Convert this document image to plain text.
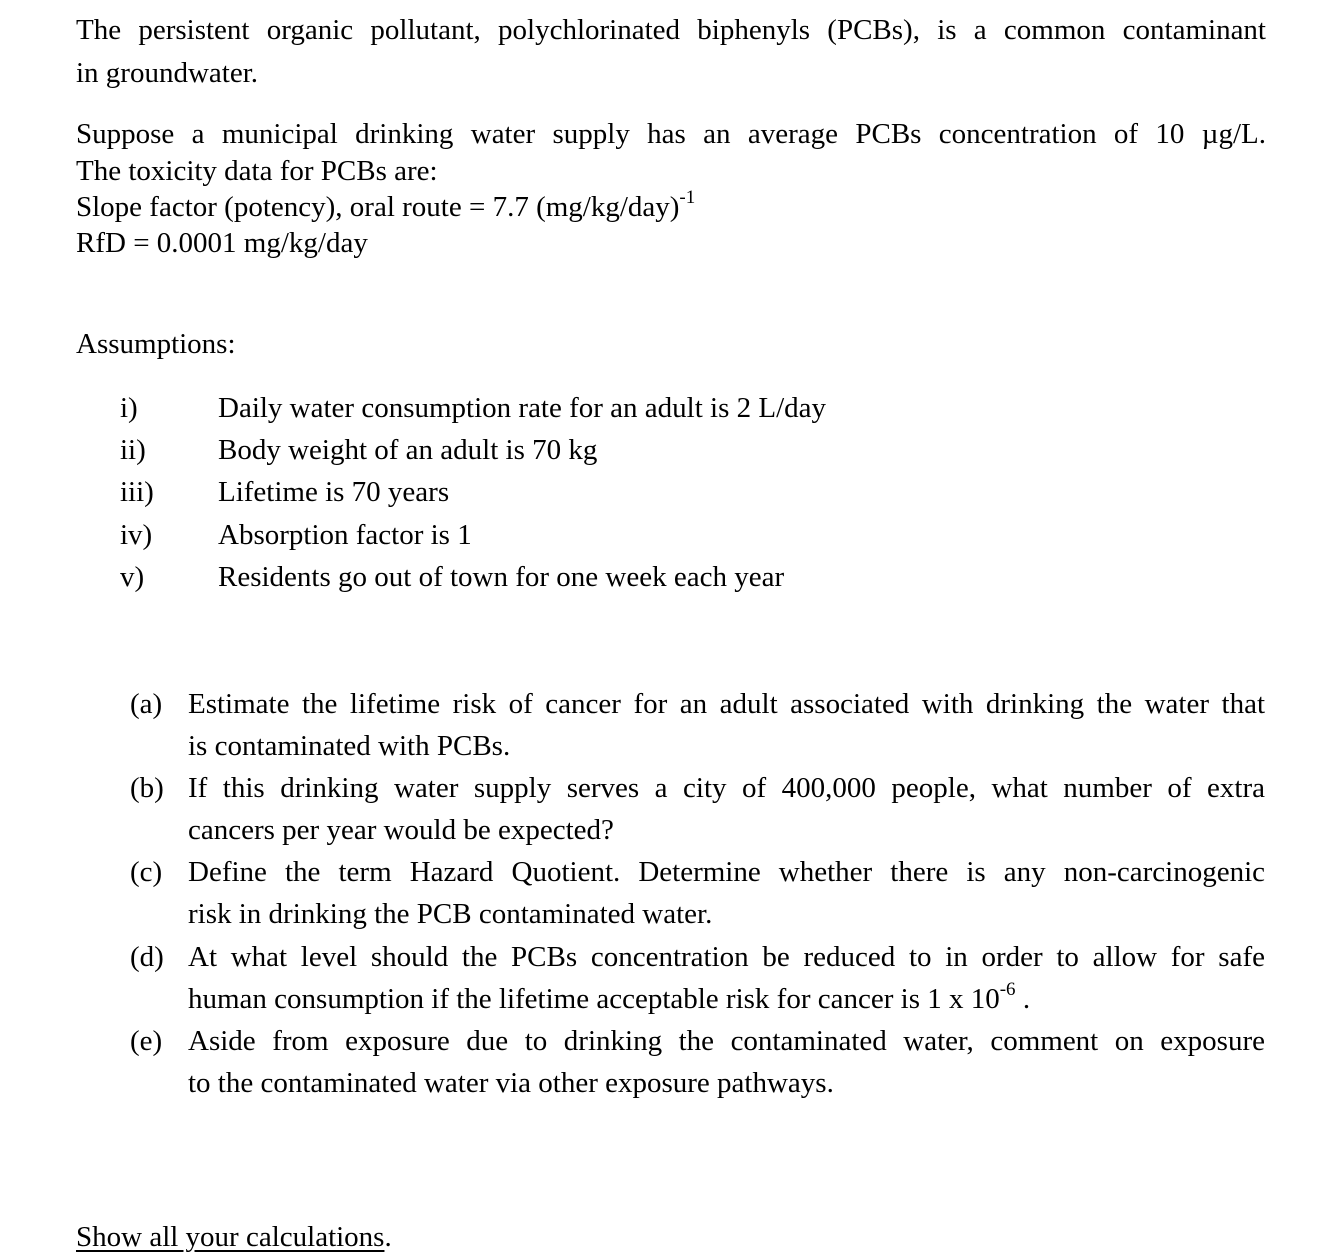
The persistent organic pollutant, polychlorinated biphenyls (PCBs), is a common contaminant

in groundwater.

Suppose a municipal drinking water supply has an average PCBs concentration of 10 µg/L.

The toxicity data for PCBs are:

Slope factor (potency), oral route = 7.7 $(mg/kg/day)^{-1}$

RfD = 0.0001 mg/kg/day

Assumptions:

i)	Daily water consumption rate for an adult is 2 L/day
ii) Body weight of an adult is 70 kg
iii) Lifetime is 70 years
iv) Absorption factor is 1
v)	Residents go out of town for one week each year
(a) Estimate the lifetime risk of cancer for an adult associated with drinking the water that
is contaminated with PCBs.
(b) If this drinking water supply serves a city of 400,000 people, what number of extra
cancers per year would be expected?
(c) Define the term Hazard Quotient. Determine whether there is any non-carcinogenic
risk in drinking the PCB contaminated water.
(d) At what level should the PCBs concentration be reduced to in order to allow for safe
human consumption if the lifetime acceptable risk for cancer is 1 x $10^{-6}$ .
(e) Aside from exposure due to drinking the contaminated water, comment on exposure
to the contaminated water via other exposure pathways.

Show all your calculations.
